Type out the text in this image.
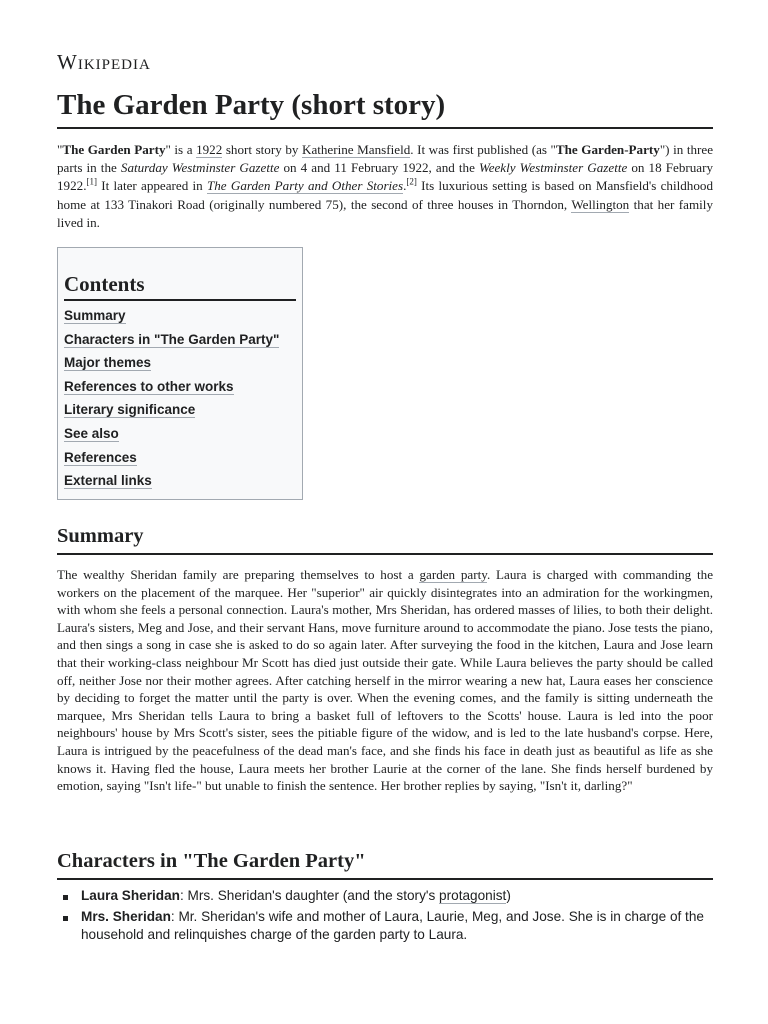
Wikipedia
The Garden Party (short story)

"The Garden Party" is a 1922 short story by Katherine Mansfield. It was first published (as "The Garden-Party") in three parts in the Saturday Westminster Gazette on 4 and 11 February 1922, and the Weekly Westminster Gazette on 18 February 1922.[1] It later appeared in The Garden Party and Other Stories.[2] Its luxurious setting is based on Mansfield's childhood home at 133 Tinakori Road (originally numbered 75), the second of three houses in Thorndon, Wellington that her family lived in.

Contents
Summary
Characters in "The Garden Party"
Major themes
References to other works
Literary significance
See also
References
External links
Summary

The wealthy Sheridan family are preparing themselves to host a garden party. Laura is charged with commanding the workers on the placement of the marquee. Her "superior" air quickly disintegrates into an admiration for the workingmen, with whom she feels a personal connection. Laura's mother, Mrs Sheridan, has ordered masses of lilies, to both their delight. Laura's sisters, Meg and Jose, and their servant Hans, move furniture around to accommodate the piano. Jose tests the piano, and then sings a song in case she is asked to do so again later. After surveying the food in the kitchen, Laura and Jose learn that their working-class neighbour Mr Scott has died just outside their gate. While Laura believes the party should be called off, neither Jose nor their mother agrees. After catching herself in the mirror wearing a new hat, Laura eases her conscience by deciding to forget the matter until the party is over. When the evening comes, and the family is sitting underneath the marquee, Mrs Sheridan tells Laura to bring a basket full of leftovers to the Scotts' house. Laura is led into the poor neighbours' house by Mrs Scott's sister, sees the pitiable figure of the widow, and is led to the late husband's corpse. Here, Laura is intrigued by the peacefulness of the dead man's face, and she finds his face in death just as beautiful as life as she knows it. Having fled the house, Laura meets her brother Laurie at the corner of the lane. She finds herself burdened by emotion, saying "Isn't life-" but unable to finish the sentence. Her brother replies by saying, "Isn't it, darling?"

Characters in "The Garden Party"
Laura Sheridan: Mrs. Sheridan's daughter (and the story's protagonist)
Mrs. Sheridan: Mr. Sheridan's wife and mother of Laura, Laurie, Meg, and Jose. She is in charge of the household and relinquishes charge of the garden party to Laura.
